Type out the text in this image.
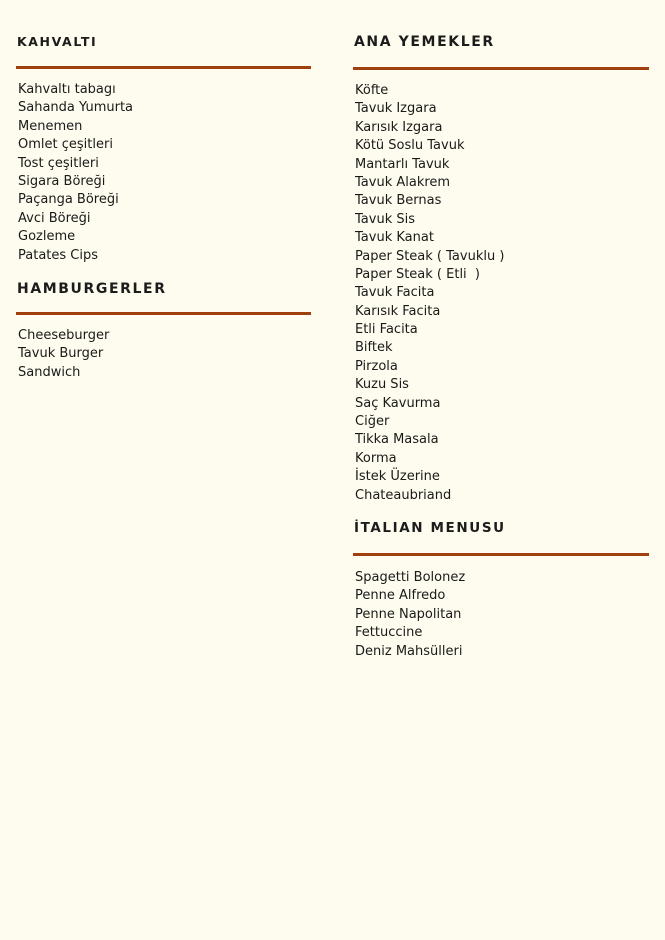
KAHVALTI
Kahvaltı tabagı
Sahanda Yumurta
Menemen
Omlet çeşitleri
Tost çeşitleri
Sigara Böreği
Paçanga Böreği
Avci Böreği
Gozleme
Patates Cips
HAMBURGERLER
Cheeseburger
Tavuk Burger
Sandwich
ANA YEMEKLER
Köfte
Tavuk Izgara
Karısık Izgara
Kötü Soslu Tavuk
Mantarlı Tavuk
Tavuk Alakrem
Tavuk Bernas
Tavuk Sis
Tavuk Kanat
Paper Steak ( Tavuklu )
Paper Steak ( Etli  )
Tavuk Facita
Karısık Facita
Etli Facita
Biftek
Pirzola
Kuzu Sis
Saç Kavurma
Ciğer
Tikka Masala
Korma
İstek Üzerine
Chateaubriand
İTALIAN MENUSU
Spagetti Bolonez
Penne Alfredo
Penne Napolitan
Fettuccine
Deniz Mahsülleri
